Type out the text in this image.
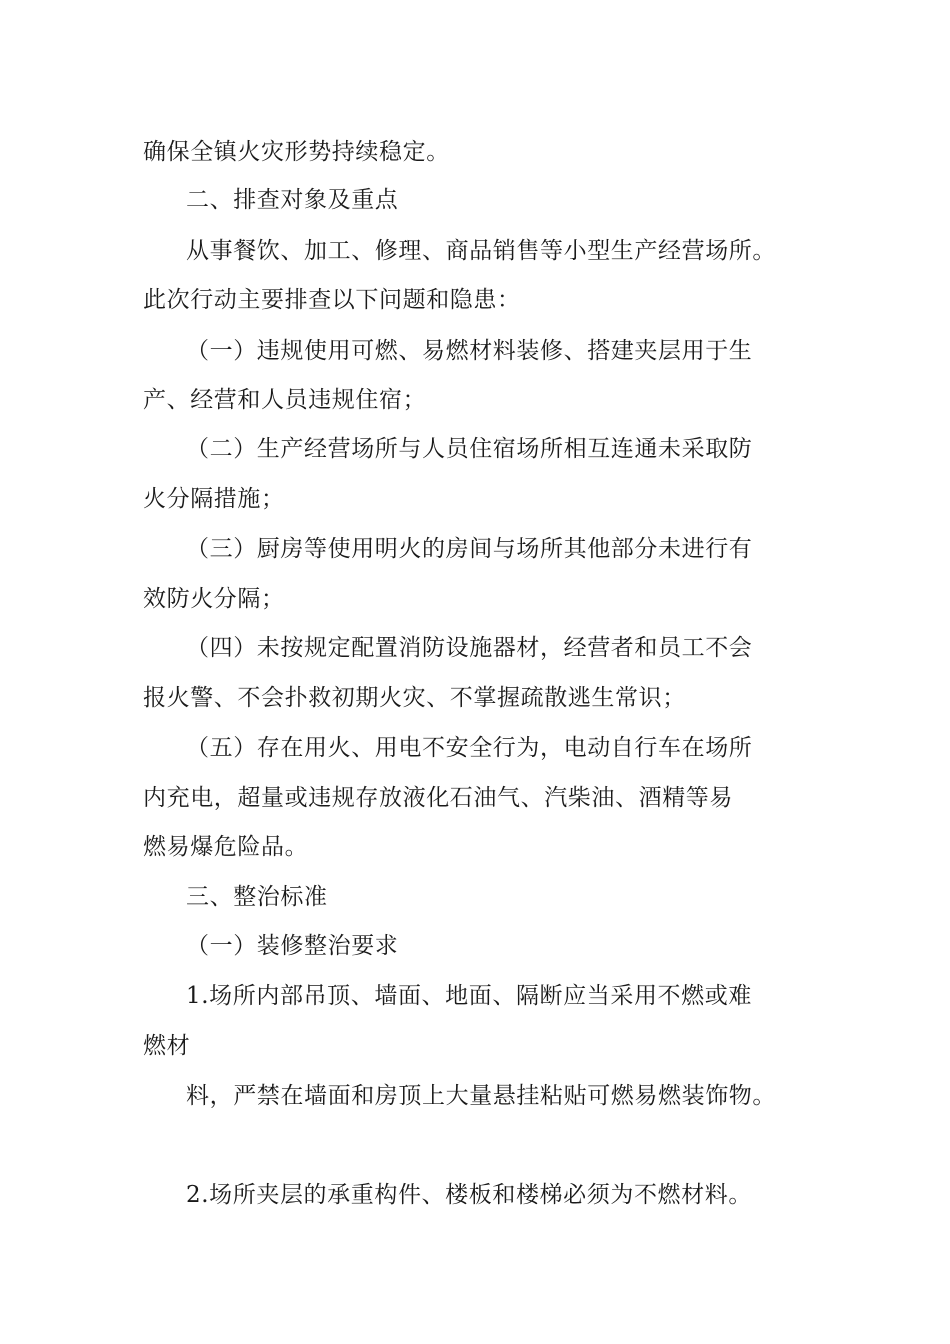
确保全镇火灾形势持续稳定。
二、排查对象及重点
从事餐饮、加工、修理、商品销售等小型生产经营场所。
此次行动主要排查以下问题和隐患：
（一）违规使用可燃、易燃材料装修、搭建夹层用于生
产、经营和人员违规住宿；
（二）生产经营场所与人员住宿场所相互连通未采取防
火分隔措施；
（三）厨房等使用明火的房间与场所其他部分未进行有
效防火分隔；
（四）未按规定配置消防设施器材，经营者和员工不会
报火警、不会扑救初期火灾、不掌握疏散逃生常识；
（五）存在用火、用电不安全行为，电动自行车在场所
内充电，超量或违规存放液化石油气、汽柴油、酒精等易
燃易爆危险品。
三、整治标准
（一）装修整治要求
1.场所内部吊顶、墙面、地面、隔断应当采用不燃或难
燃材
料，严禁在墙面和房顶上大量悬挂粘贴可燃易燃装饰物。
2.场所夹层的承重构件、楼板和楼梯必须为不燃材料。
